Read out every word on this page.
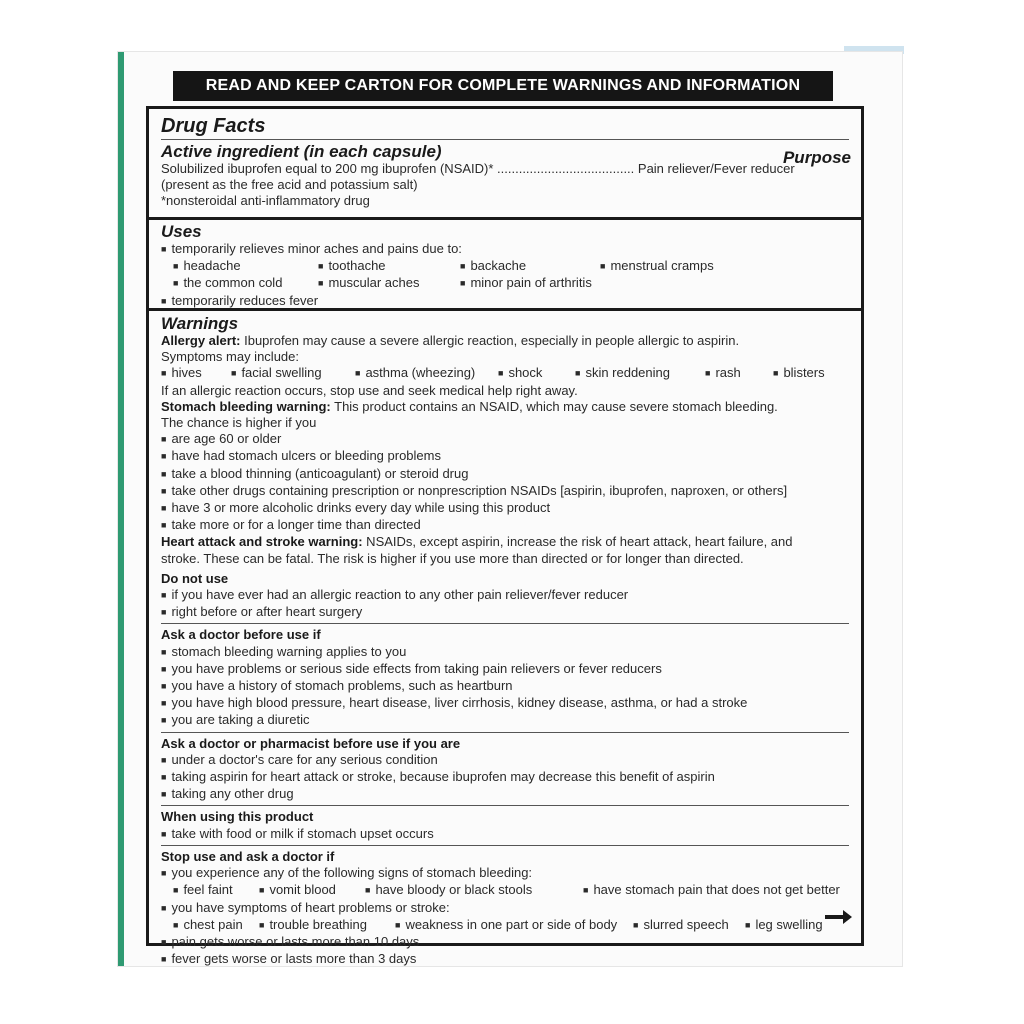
READ AND KEEP CARTON FOR COMPLETE WARNINGS AND INFORMATION
Drug Facts
Active ingredient (in each capsule)	Purpose
Solubilized ibuprofen equal to 200 mg ibuprofen (NSAID)* ...................................... Pain reliever/Fever reducer
(present as the free acid and potassium salt)
*nonsteroidal anti-inflammatory drug
Uses
■ temporarily relieves minor aches and pains due to:
■ headache	■ toothache	■ backache	■ menstrual cramps
■ the common cold	■ muscular aches	■ minor pain of arthritis
■ temporarily reduces fever
Warnings
Allergy alert: Ibuprofen may cause a severe allergic reaction, especially in people allergic to aspirin.
Symptoms may include:
■ hives	■ facial swelling	■ asthma (wheezing)	■ shock	■ skin reddening	■ rash	■ blisters
If an allergic reaction occurs, stop use and seek medical help right away.
Stomach bleeding warning: This product contains an NSAID, which may cause severe stomach bleeding.
The chance is higher if you
■ are age 60 or older
■ have had stomach ulcers or bleeding problems
■ take a blood thinning (anticoagulant) or steroid drug
■ take other drugs containing prescription or nonprescription NSAIDs [aspirin, ibuprofen, naproxen, or others]
■ have 3 or more alcoholic drinks every day while using this product
■ take more or for a longer time than directed
Heart attack and stroke warning: NSAIDs, except aspirin, increase the risk of heart attack, heart failure, and
stroke. These can be fatal. The risk is higher if you use more than directed or for longer than directed.
Do not use
■ if you have ever had an allergic reaction to any other pain reliever/fever reducer
■ right before or after heart surgery
Ask a doctor before use if
■ stomach bleeding warning applies to you
■ you have problems or serious side effects from taking pain relievers or fever reducers
■ you have a history of stomach problems, such as heartburn
■ you have high blood pressure, heart disease, liver cirrhosis, kidney disease, asthma, or had a stroke
■ you are taking a diuretic
Ask a doctor or pharmacist before use if you are
■ under a doctor's care for any serious condition
■ taking aspirin for heart attack or stroke, because ibuprofen may decrease this benefit of aspirin
■ taking any other drug
When using this product
■ take with food or milk if stomach upset occurs
Stop use and ask a doctor if
■ you experience any of the following signs of stomach bleeding:
■ feel faint	■ vomit blood	■ have bloody or black stools	■ have stomach pain that does not get better
■ you have symptoms of heart problems or stroke:
■ chest pain	■ trouble breathing	■ weakness in one part or side of body	■ slurred speech	■ leg swelling
■ pain gets worse or lasts more than 10 days
■ fever gets worse or lasts more than 3 days
